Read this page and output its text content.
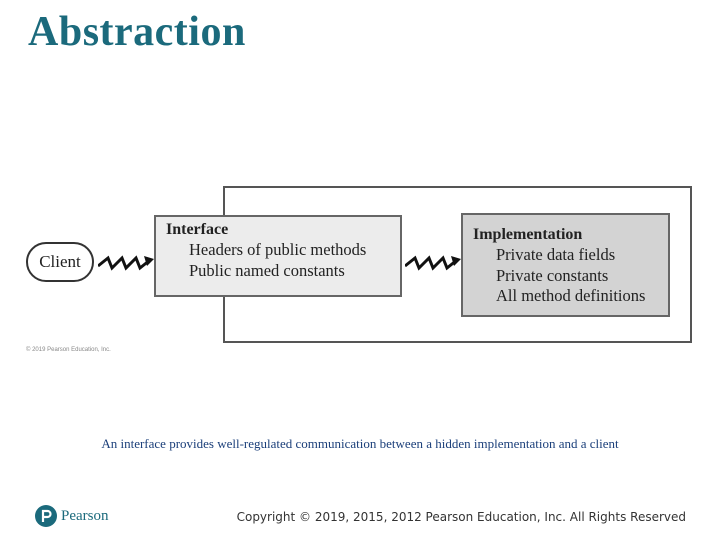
Abstraction
Client
Interface
Headers of public methods
Public named constants
Implementation
Private data fields
Private constants
All method definitions
© 2019 Pearson Education, Inc.
An interface provides well-regulated communication between a hidden implementation and a client
Pearson	Copyright © 2019, 2015, 2012 Pearson Education, Inc. All Rights Reserved
